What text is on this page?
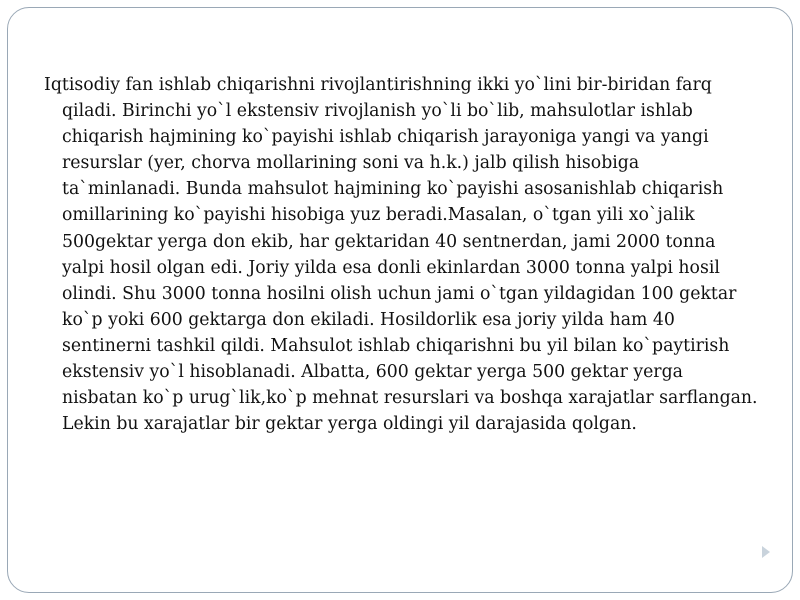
Iqtisodiy fan ishlab chiqarishni rivojlantirishning ikki yo`lini bir-biridan farq
qiladi. Birinchi yo`l ekstensiv rivojlanish yo`li bo`lib, mahsulotlar ishlab
chiqarish hajmining ko`payishi ishlab chiqarish jarayoniga yangi va yangi
resurslar (yer, chorva mollarining soni va h.k.) jalb qilish hisobiga
ta`minlanadi. Bunda mahsulot hajmining ko`payishi asosanishlab chiqarish
omillarining ko`payishi hisobiga yuz beradi.Masalan, o`tgan yili xo`jalik
500gektar yerga don ekib, har gektaridan 40 sentnerdan, jami 2000 tonna
yalpi hosil olgan edi. Joriy yilda esa donli ekinlardan 3000 tonna yalpi hosil
olindi. Shu 3000 tonna hosilni olish uchun jami o`tgan yildagidan 100 gektar
ko`p yoki 600 gektarga don ekiladi. Hosildorlik esa joriy yilda ham 40
sentinerni tashkil qildi. Mahsulot ishlab chiqarishni bu yil bilan ko`paytirish
ekstensiv yo`l hisoblanadi. Albatta, 600 gektar yerga 500 gektar yerga
nisbatan ko`p urug`lik,ko`p mehnat resurslari va boshqa xarajatlar sarflangan.
Lekin bu xarajatlar bir gektar yerga oldingi yil darajasida qolgan.
